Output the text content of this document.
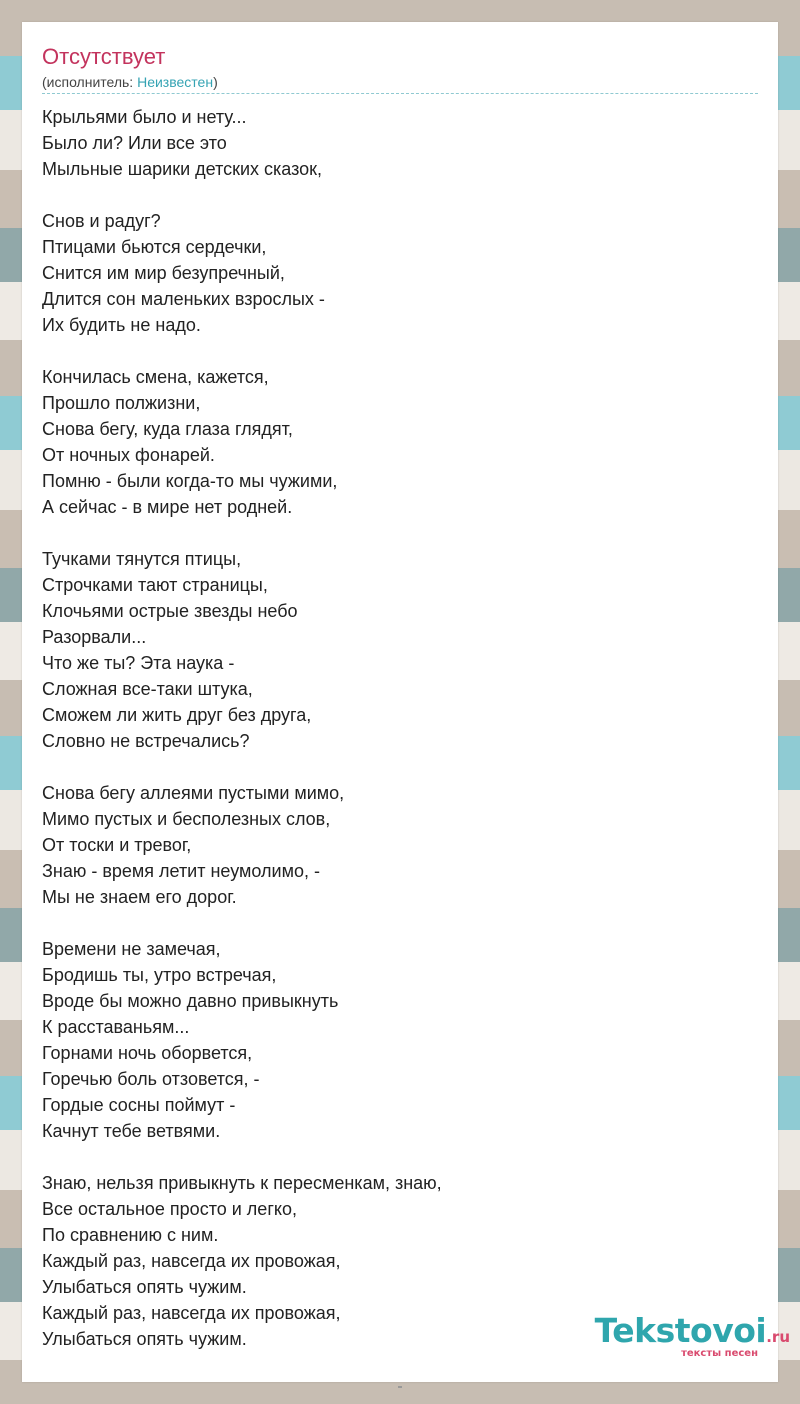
Отсутствует
(исполнитель: Неизвестен)
Крыльями было и нету...
Было ли? Или все это
Мыльные шарики детских сказок,

Снов и радуг?
Птицами бьются сердечки,
Снится им мир безупречный,
Длится сон маленьких взрослых -
Их будить не надо.

Кончилась смена, кажется,
Прошло полжизни,
Снова бегу, куда глаза глядят,
От ночных фонарей.
Помню - были когда-то мы чужими,
А сейчас - в мире нет родней.

Тучками тянутся птицы,
Строчками тают страницы,
Клочьями острые звезды небо
Разорвали...
Что же ты? Эта наука -
Сложная все-таки штука,
Сможем ли жить друг без друга,
Словно не встречались?

Снова бегу аллеями пустыми мимо,
Мимо пустых и бесполезных слов,
От тоски и тревог,
Знаю - время летит неумолимо, -
Мы не знаем его дорог.

Времени не замечая,
Бродишь ты, утро встречая,
Вроде бы можно давно привыкнуть
К расставаньям...
Горнами ночь оборвется,
Горечью боль отзовется, -
Гордые сосны поймут -
Качнут тебе ветвями.

Знаю, нельзя привыкнуть к пересменкам, знаю,
Все остальное просто и легко,
По сравнению с ним.
Каждый раз, навсегда их провожая,
Улыбаться опять чужим.
Каждый раз, навсегда их провожая,
Улыбаться опять чужим.	Tekstovoi.ru
тексты песен
